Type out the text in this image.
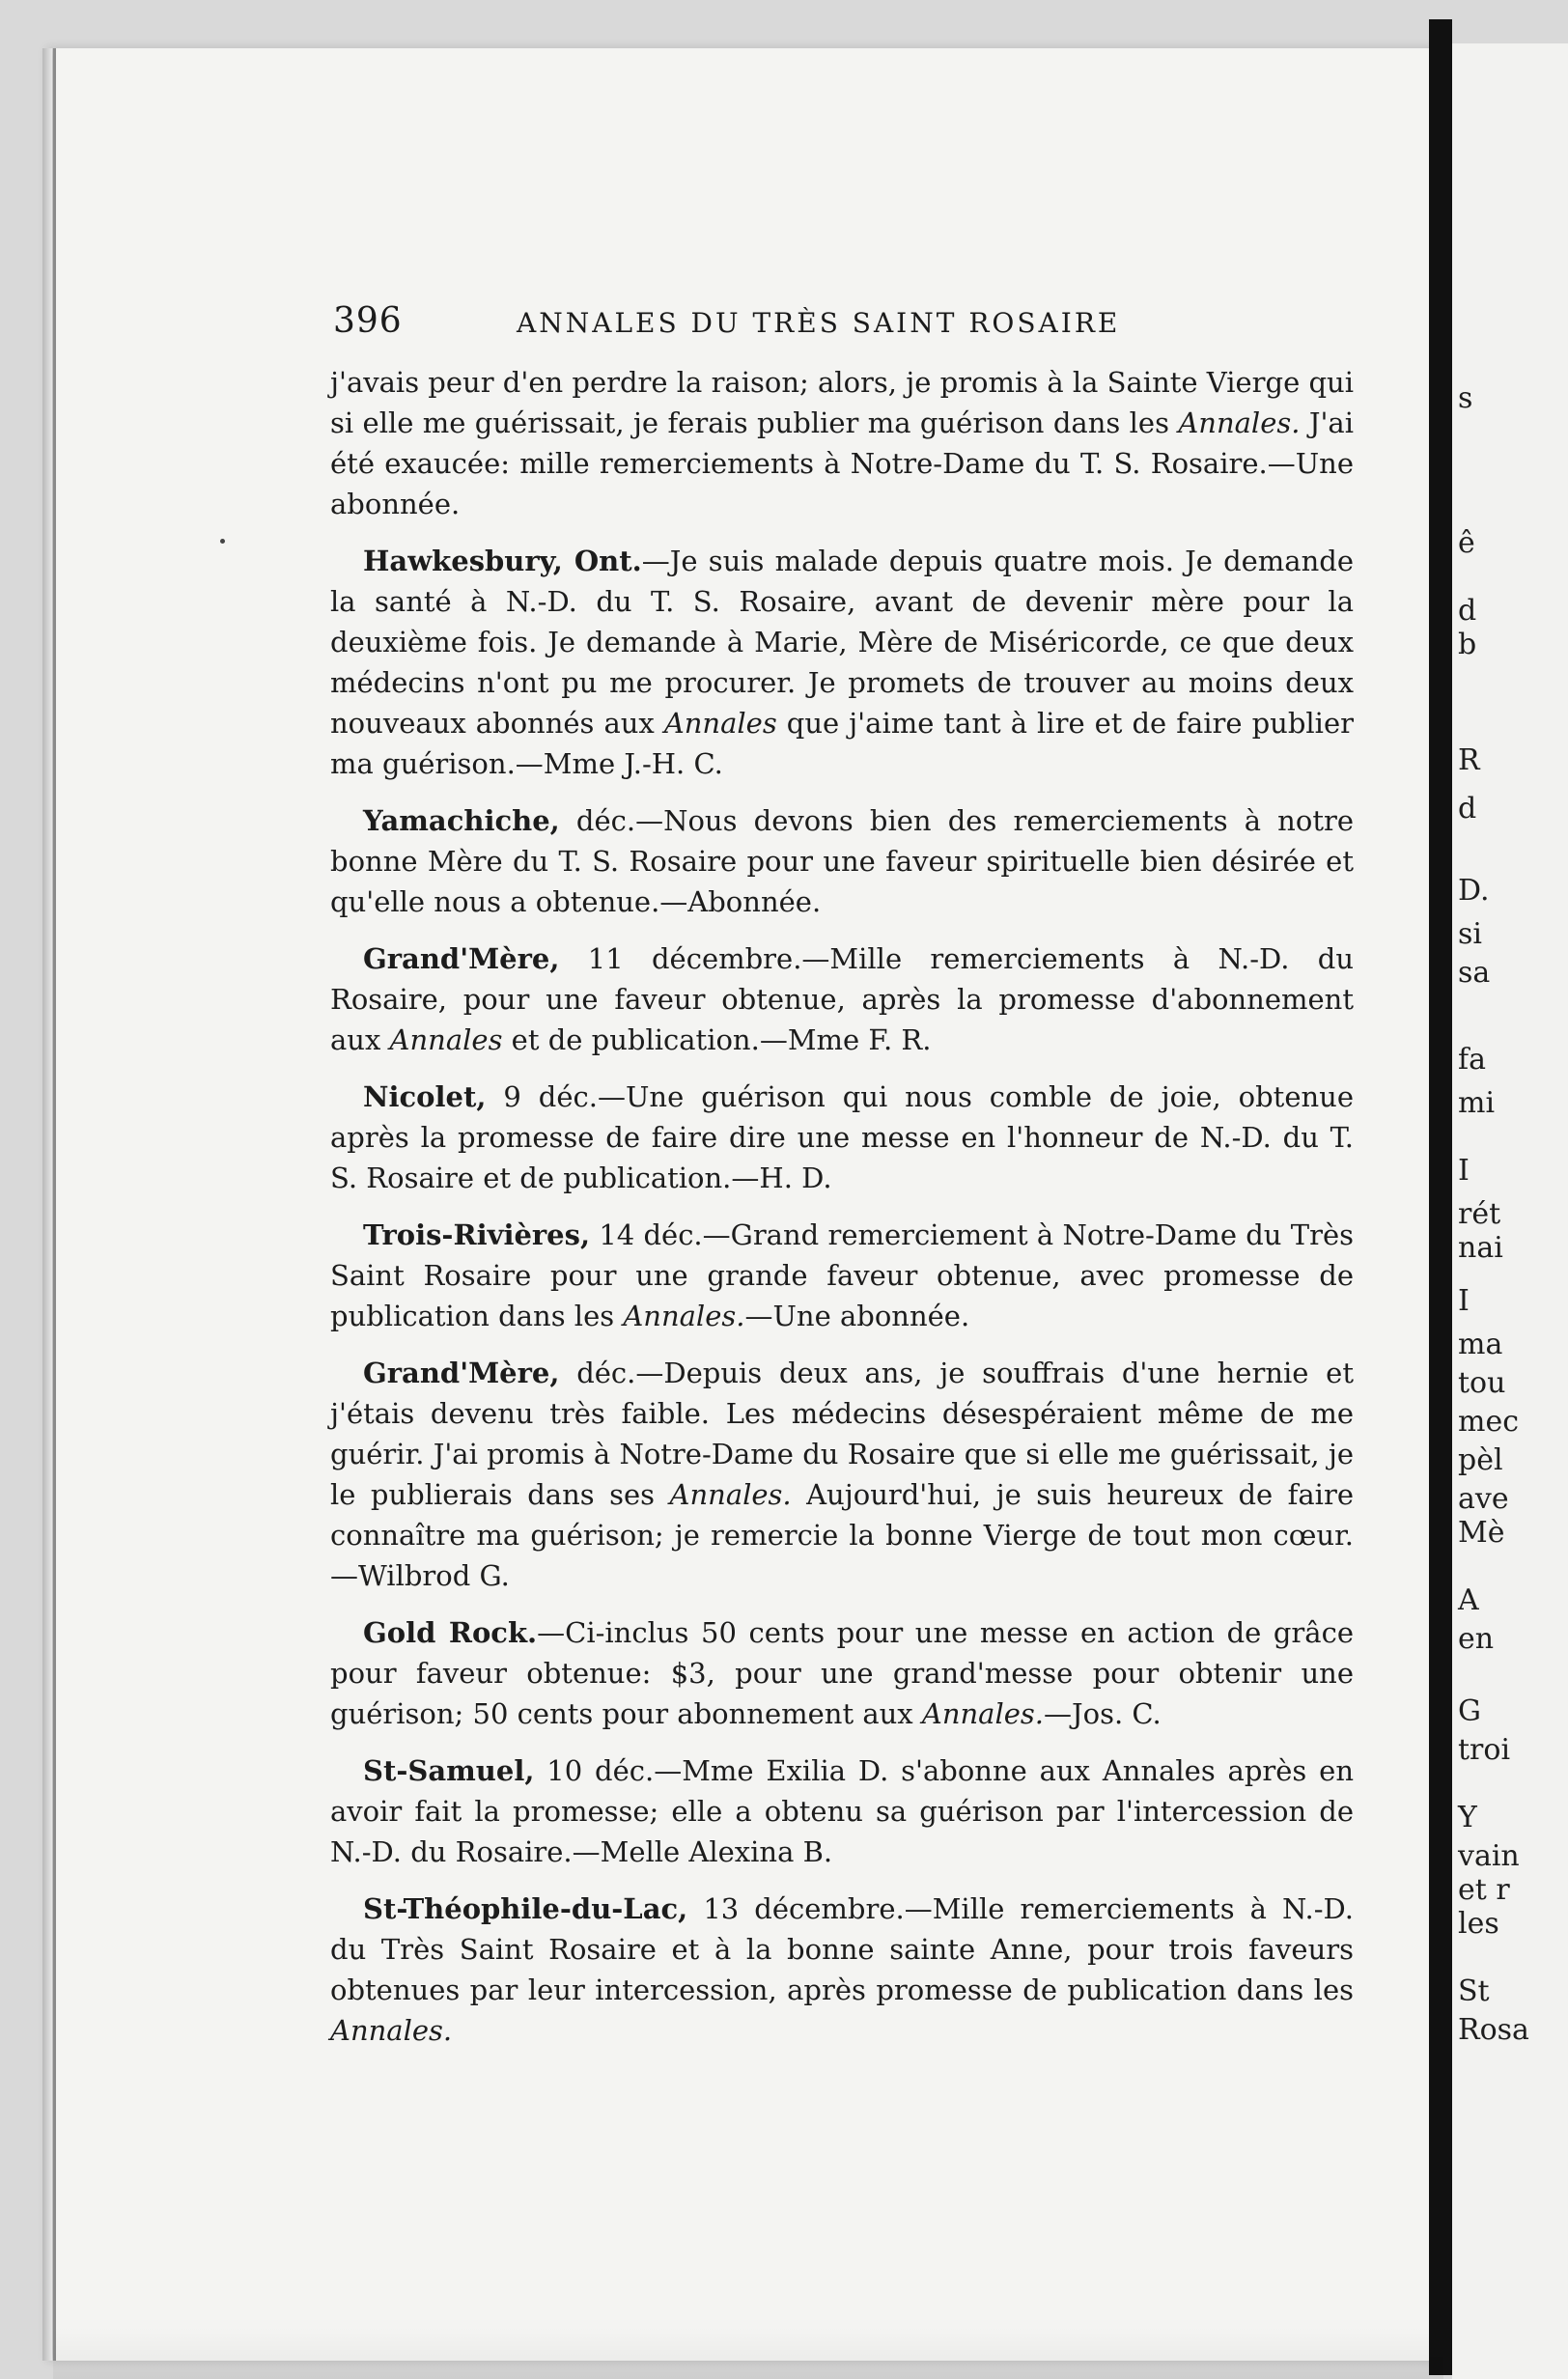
s
ê
d
b
R
d
D.
si
sa
fa
mi
I
rét
nai
I
ma
tou
mec
pèl
ave
Mè
A
en
G
troi
Y
vain
et r
les
St
Rosa
396	ANNALES DU TRÈS SAINT ROSAIRE

j'avais peur d'en perdre la raison; alors, je promis à la Sainte Vierge qui si elle me guérissait, je ferais publier ma guérison dans les Annales. J'ai été exaucée: mille remerciements à Notre-Dame du T. S. Rosaire.—Une abonnée.

Hawkesbury, Ont.—Je suis malade depuis quatre mois. Je demande la santé à N.-D. du T. S. Rosaire, avant de devenir mère pour la deuxième fois. Je demande à Marie, Mère de Miséricorde, ce que deux médecins n'ont pu me procurer. Je promets de trouver au moins deux nouveaux abonnés aux Annales que j'aime tant à lire et de faire publier ma guérison.—Mme J.-H. C.

Yamachiche, déc.—Nous devons bien des remerciements à notre bonne Mère du T. S. Rosaire pour une faveur spirituelle bien désirée et qu'elle nous a obtenue.—Abonnée.

Grand'Mère, 11 décembre.—Mille remerciements à N.-D. du Rosaire, pour une faveur obtenue, après la promesse d'abonnement aux Annales et de publication.—Mme F. R.

Nicolet, 9 déc.—Une guérison qui nous comble de joie, obtenue après la promesse de faire dire une messe en l'honneur de N.-D. du T. S. Rosaire et de publication.—H. D.

Trois-Rivières, 14 déc.—Grand remerciement à Notre-Dame du Très Saint Rosaire pour une grande faveur obtenue, avec promesse de publication dans les Annales.—Une abonnée.

Grand'Mère, déc.—Depuis deux ans, je souffrais d'une hernie et j'étais devenu très faible. Les médecins désespéraient même de me guérir. J'ai promis à Notre-Dame du Rosaire que si elle me guérissait, je le publierais dans ses Annales. Aujourd'hui, je suis heureux de faire connaître ma guérison; je remercie la bonne Vierge de tout mon cœur.—Wilbrod G.

Gold Rock.—Ci-inclus 50 cents pour une messe en action de grâce pour faveur obtenue: $3, pour une grand'messe pour obtenir une guérison; 50 cents pour abonnement aux Annales.—Jos. C.

St-Samuel, 10 déc.—Mme Exilia D. s'abonne aux Annales après en avoir fait la promesse; elle a obtenu sa guérison par l'intercession de N.-D. du Rosaire.—Melle Alexina B.

St-Théophile-du-Lac, 13 décembre.—Mille remerciements à N.-D. du Très Saint Rosaire et à la bonne sainte Anne, pour trois faveurs obtenues par leur intercession, après promesse de publication dans les Annales.
